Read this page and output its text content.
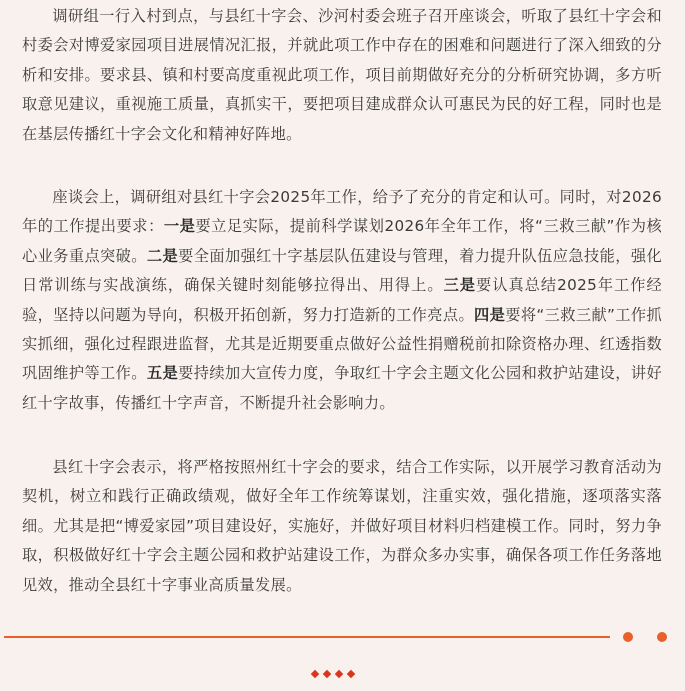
调研组一行入村到点，与县红十字会、沙河村委会班子召开座谈会，听取了县红十字会和村委会对博爱家园项目进展情况汇报，并就此项工作中存在的困难和问题进行了深入细致的分析和安排。要求县、镇和村要高度重视此项工作，项目前期做好充分的分析研究协调，多方听取意见建议，重视施工质量，真抓实干，要把项目建成群众认可惠民为民的好工程，同时也是在基层传播红十字会文化和精神好阵地。

座谈会上，调研组对县红十字会2025年工作，给予了充分的肯定和认可。同时，对2026年的工作提出要求：一是要立足实际，提前科学谋划2026年全年工作，将“三救三献”作为核心业务重点突破。二是要全面加强红十字基层队伍建设与管理，着力提升队伍应急技能，强化日常训练与实战演练，确保关键时刻能够拉得出、用得上。三是要认真总结2025年工作经验，坚持以问题为导向，积极开拓创新，努力打造新的工作亮点。四是要将“三救三献”工作抓实抓细，强化过程跟进监督，尤其是近期要重点做好公益性捐赠税前扣除资格办理、红透指数巩固维护等工作。五是要持续加大宣传力度，争取红十字会主题文化公园和救护站建设，讲好红十字故事，传播红十字声音，不断提升社会影响力。

县红十字会表示，将严格按照州红十字会的要求，结合工作实际，以开展学习教育活动为契机，树立和践行正确政绩观，做好全年工作统筹谋划，注重实效，强化措施，逐项落实落细。尤其是把“博爱家园”项目建设好，实施好，并做好项目材料归档建模工作。同时，努力争取，积极做好红十字会主题公园和救护站建设工作，为群众多办实事，确保各项工作任务落地见效，推动全县红十字事业高质量发展。
